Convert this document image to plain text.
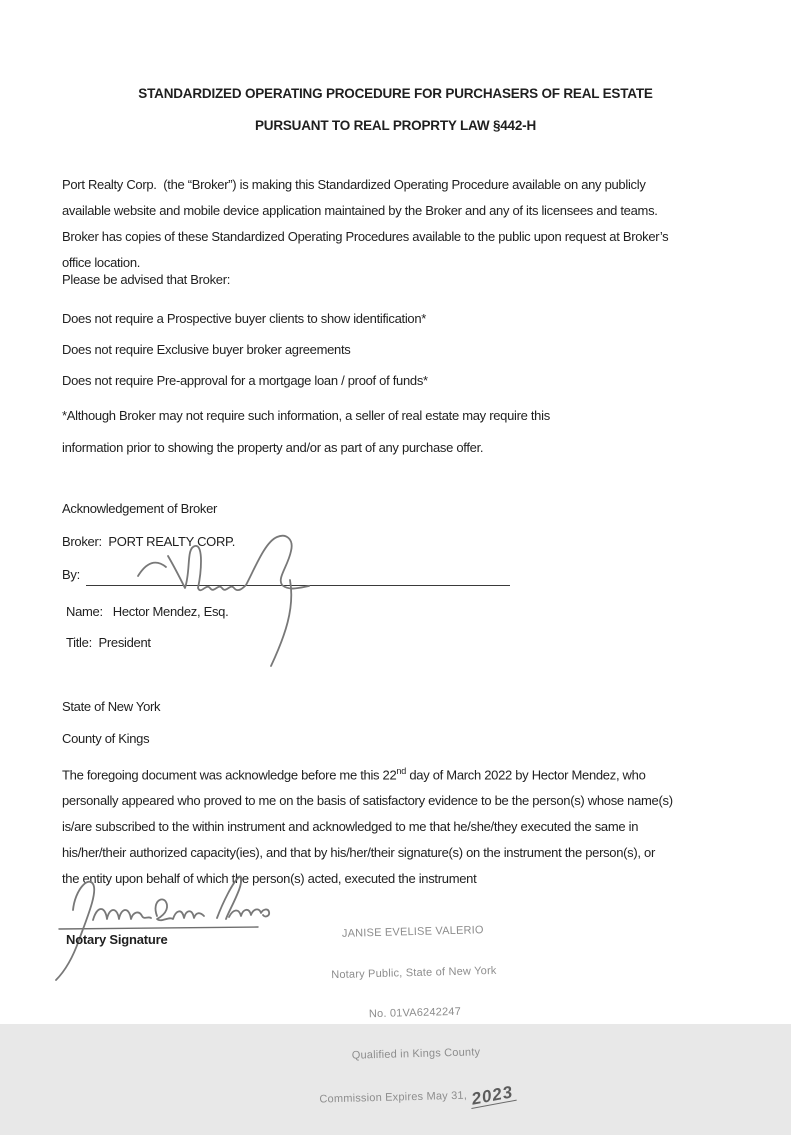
STANDARDIZED OPERATING PROCEDURE FOR PURCHASERS OF REAL ESTATE
PURSUANT TO REAL PROPRTY LAW §442-H
Port Realty Corp.  (the “Broker”) is making this Standardized Operating Procedure available on any publicly
available website and mobile device application maintained by the Broker and any of its licensees and teams.
Broker has copies of these Standardized Operating Procedures available to the public upon request at Broker’s
office location.
Please be advised that Broker:
Does not require a Prospective buyer clients to show identification*
Does not require Exclusive buyer broker agreements
Does not require Pre-approval for a mortgage loan / proof of funds*
*Although Broker may not require such information, a seller of real estate may require this
information prior to showing the property and/or as part of any purchase offer.
Acknowledgement of Broker
Broker:  PORT REALTY CORP.
By:
Name:   Hector Mendez, Esq.
Title:  President
State of New York
County of Kings
The foregoing document was acknowledge before me this 22nd day of March 2022 by Hector Mendez, who
personally appeared who proved to me on the basis of satisfactory evidence to be the person(s) whose name(s)
is/are subscribed to the within instrument and acknowledged to me that he/she/they executed the same in
his/her/their authorized capacity(ies), and that by his/her/their signature(s) on the instrument the person(s), or
the entity upon behalf of which the person(s) acted, executed the instrument
Notary Signature

	JANISE EVELISE VALERIO

Notary Public, State of New York

No. 01VA6242247

Qualified in Kings County

Commission Expires May 31, 2023
